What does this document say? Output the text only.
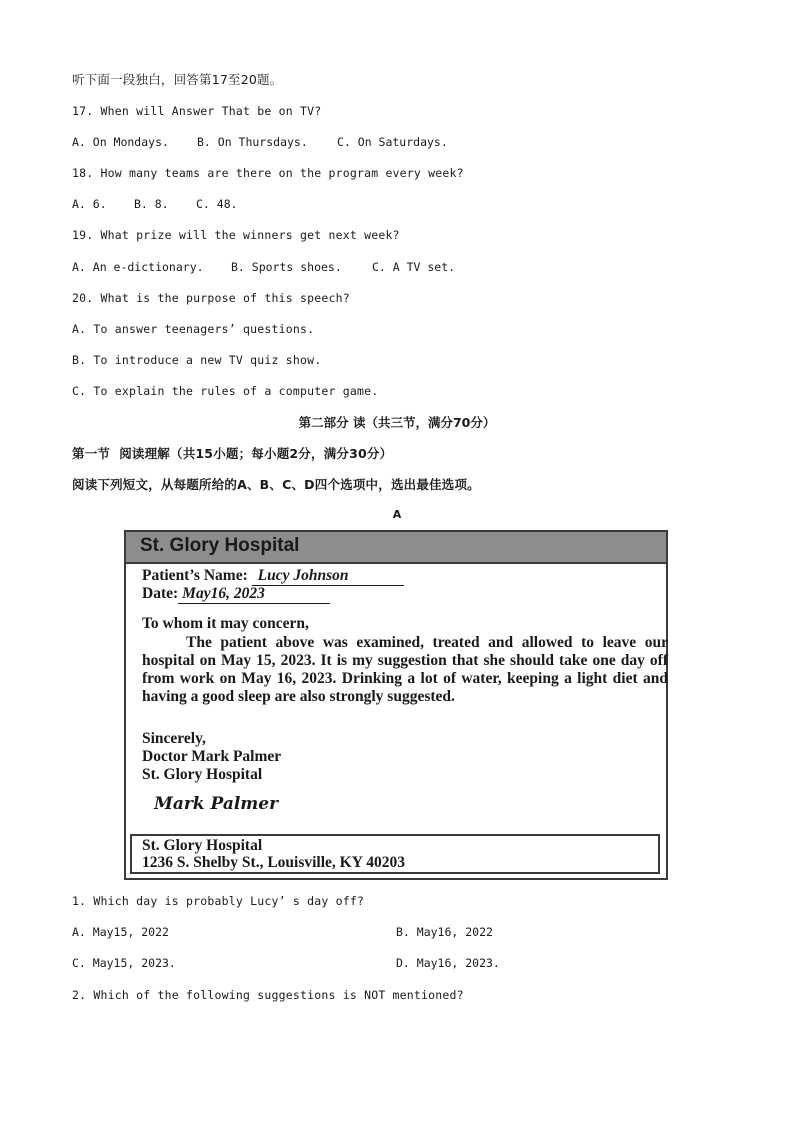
听下面一段独白，回答第17至20题。
17. When will Answer That be on TV?
A. On Mondays. B. On Thursdays.	C. On Saturdays.
18. How many teams are there on the program every week?
A. 6. B. 8. C. 48.
19. What prize will the winners get next week?
A. An e-dictionary. B. Sports shoes.	C. A TV set.
20. What is the purpose of this speech?
A. To answer teenagers’ questions.
B. To introduce a new TV quiz show.
C. To explain the rules of a computer game.
第二部分 读（共三节，满分70分）
第一节  阅读理解（共15小题；每小题2分，满分30分）
阅读下列短文，从每题所给的A、B、C、D四个选项中，选出最佳选项。
A
St. Glory Hospital
Patient’s Name: Lucy Johnson
Date: May16, 2023
To whom it may concern,

The patient above was examined, treated and allowed to leave our hospital on May 15, 2023. It is my suggestion that she should take one day off from work on May 16, 2023. Drinking a lot of water, keeping a light diet and having a good sleep are also strongly suggested.

Sincerely,
Doctor Mark Palmer
St. Glory Hospital
Mark Palmer
St. Glory Hospital
1236 S. Shelby St., Louisville, KY 40203
1. Which day is probably Lucy’ s day off?
A. May15, 2022	B. May16, 2022
C. May15, 2023.	D. May16, 2023.
2. Which of the following suggestions is NOT mentioned?
